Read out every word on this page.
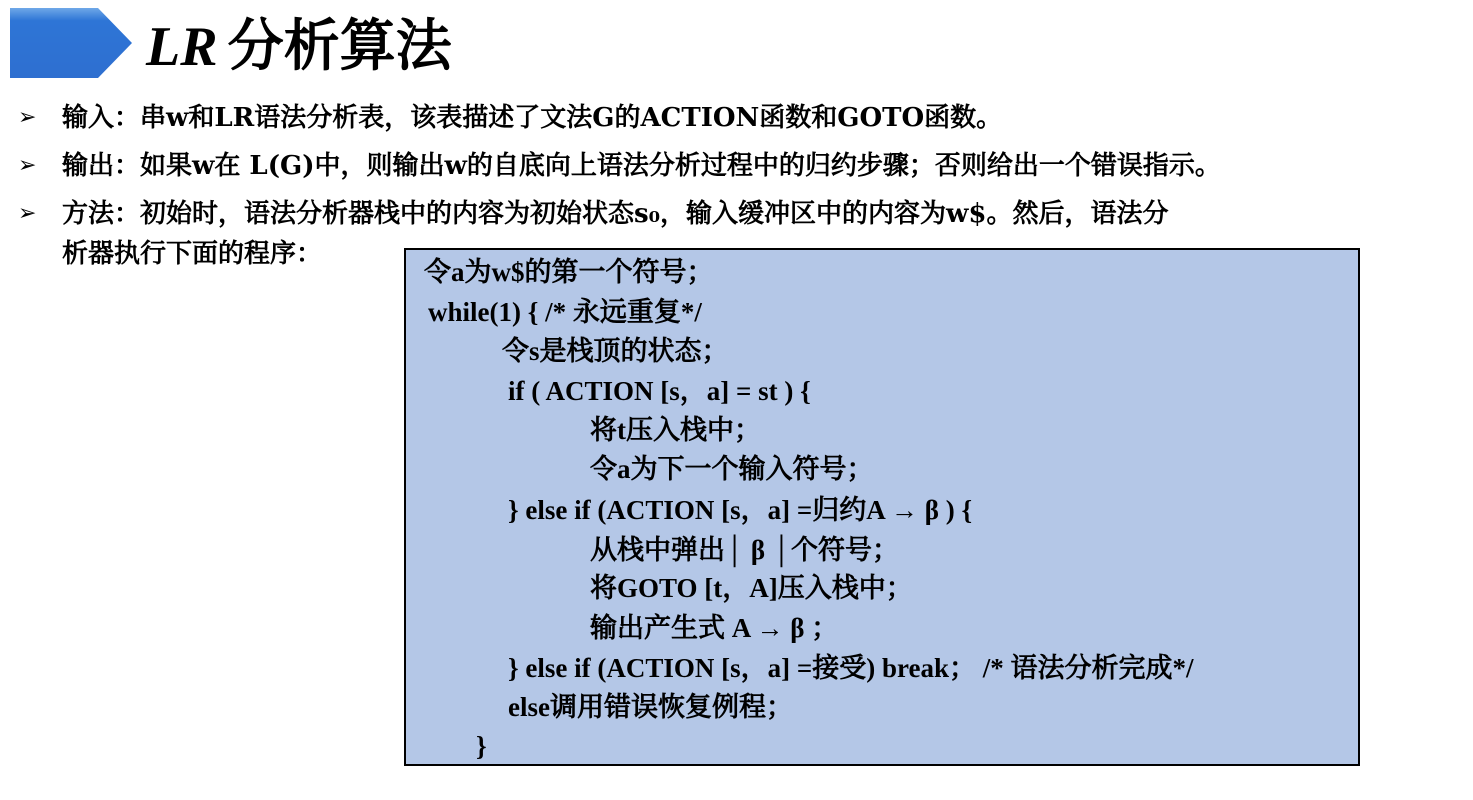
LR 分析算法
➢ 输入：串w和LR语法分析表，该表描述了文法G的ACTION函数和GOTO函数。
➢ 输出：如果w在 L(G)中，则输出w的自底向上语法分析过程中的归约步骤；否则给出一个错误指示。
➢ 方法：初始时，语法分析器栈中的内容为初始状态s₀，输入缓冲区中的内容为w$。然后，语法分
析器执行下面的程序：
令a为w$的第一个符号；
while(1) { /* 永远重复*/
令s是栈顶的状态；
if ( ACTION [s，a] = st ) {
将t压入栈中；
令a为下一个输入符号；
} else if (ACTION [s，a] =归约A → β ) {
从栈中弹出│ β │个符号；
将GOTO [t，A]压入栈中；
输出产生式 A → β ；
} else if (ACTION [s，a] =接受) break； /* 语法分析完成*/
else调用错误恢复例程；
}
